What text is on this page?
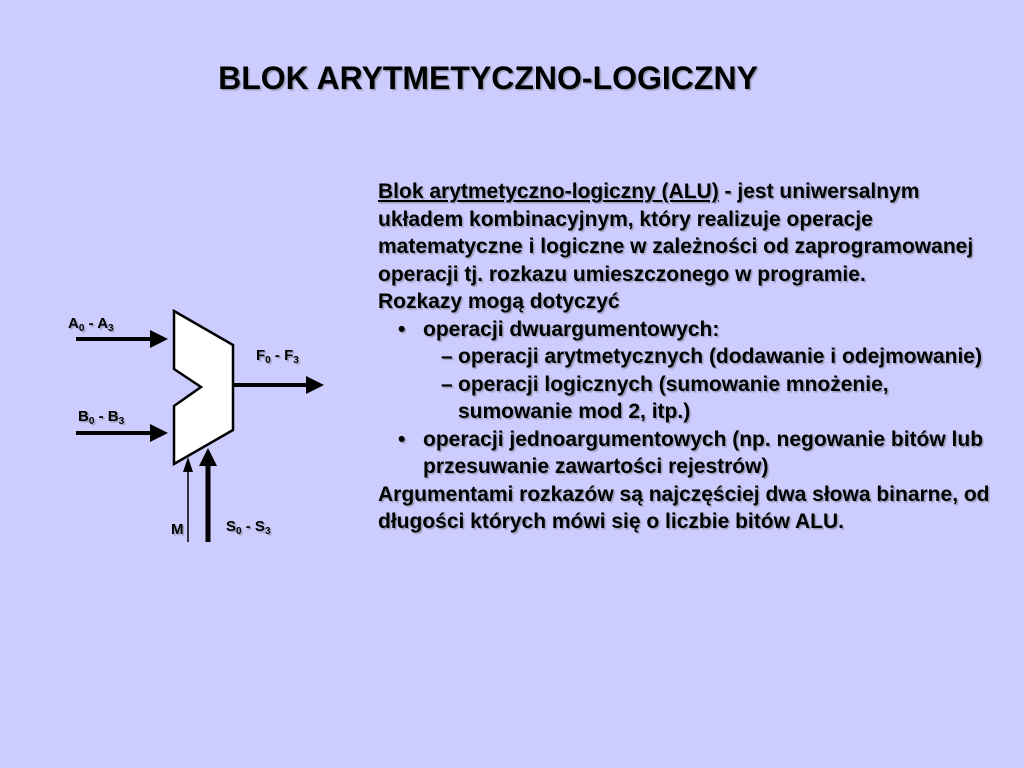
BLOK ARYTMETYCZNO-LOGICZNY
$A_0 - A_3$
$B_0 - B_3$
$F_0 - F_3$
M	$S_0 - S_3$

Blok arytmetyczno-logiczny (ALU) - jest uniwersalnym układem kombinacyjnym, który realizuje operacje matematyczne i logiczne w zależności od zaprogramowanej operacji tj. rozkazu umieszczonego w programie.

Rozkazy mogą dotyczyć

• operacji dwuargumentowych:

– operacji arytmetycznych (dodawanie i odejmowanie)

– operacji logicznych (sumowanie mnożenie, sumowanie mod 2, itp.)

• operacji jednoargumentowych (np. negowanie bitów lub przesuwanie zawartości rejestrów)

Argumentami rozkazów są najczęściej dwa słowa binarne, od długości których mówi się o liczbie bitów ALU.
